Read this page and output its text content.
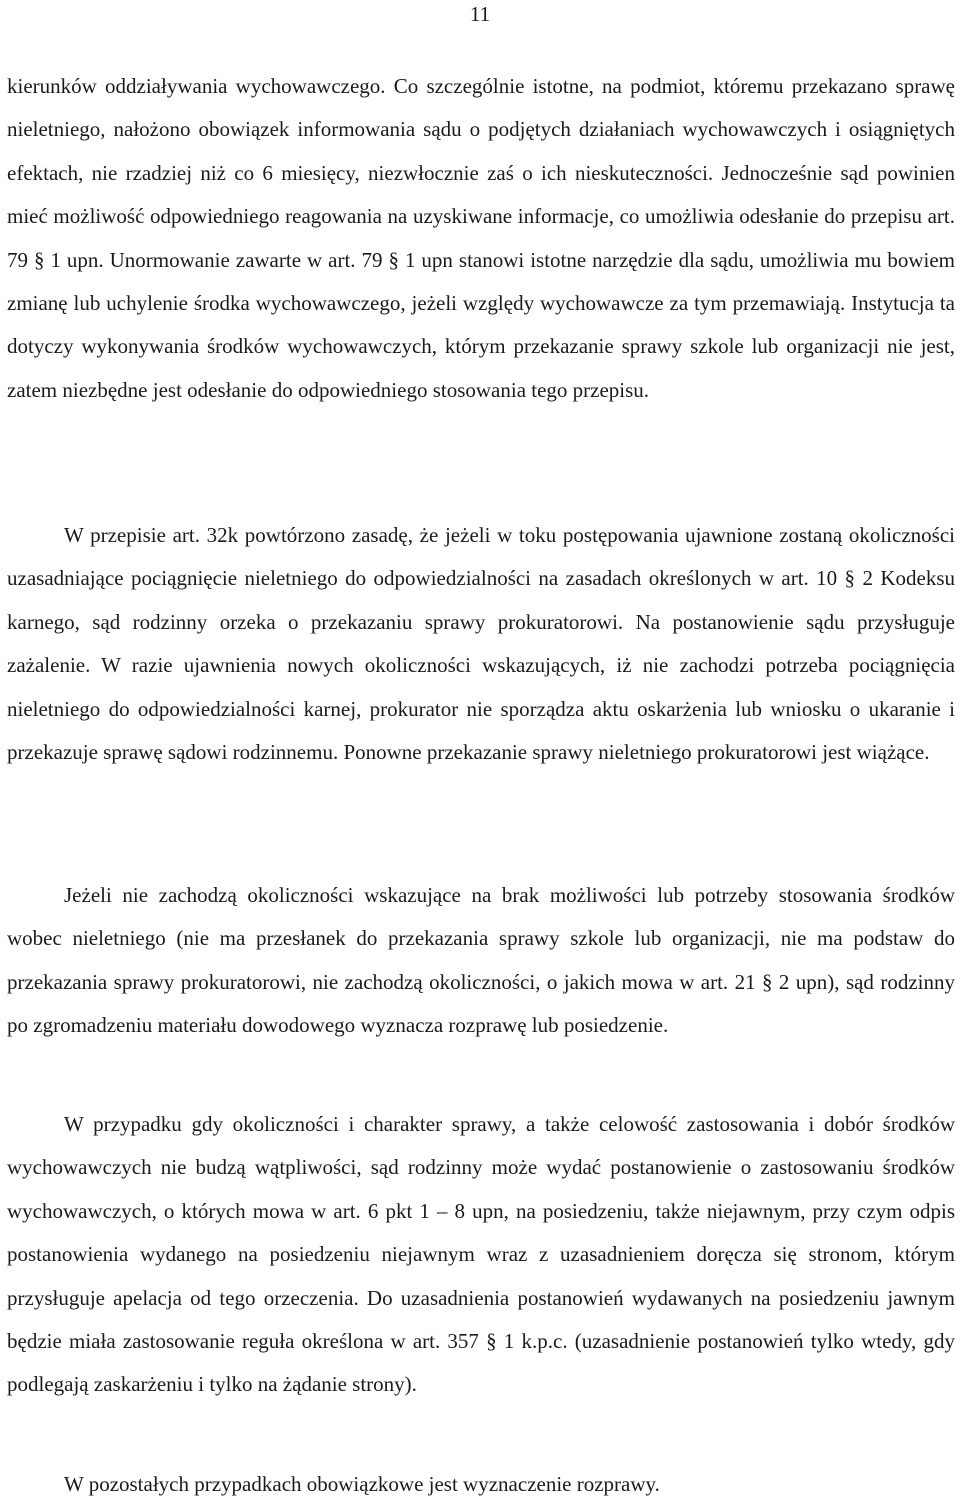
11

kierunków oddziaływania wychowawczego. Co szczególnie istotne, na podmiot, któremu przekazano sprawę nieletniego, nałożono obowiązek informowania sądu o podjętych działaniach wychowawczych i osiągniętych efektach, nie rzadziej niż co 6 miesięcy, niezwłocznie zaś o ich nieskuteczności. Jednocześnie sąd powinien mieć możliwość odpowiedniego reagowania na uzyskiwane informacje, co umożliwia odesłanie do przepisu art. 79 § 1 upn. Unormowanie zawarte w art. 79 § 1 upn stanowi istotne narzędzie dla sądu, umożliwia mu bowiem zmianę lub uchylenie środka wychowawczego, jeżeli względy wychowawcze za tym przemawiają. Instytucja ta dotyczy wykonywania środków wychowawczych, którym przekazanie sprawy szkole lub organizacji nie jest, zatem niezbędne jest odesłanie do odpowiedniego stosowania tego przepisu.

W przepisie art. 32k powtórzono zasadę, że jeżeli w toku postępowania ujawnione zostaną okoliczności uzasadniające pociągnięcie nieletniego do odpowiedzialności na zasadach określonych w art. 10 § 2 Kodeksu karnego, sąd rodzinny orzeka o przekazaniu sprawy prokuratorowi. Na postanowienie sądu przysługuje zażalenie. W razie ujawnienia nowych okoliczności wskazujących, iż nie zachodzi potrzeba pociągnięcia nieletniego do odpowiedzialności karnej, prokurator nie sporządza aktu oskarżenia lub wniosku o ukaranie i przekazuje sprawę sądowi rodzinnemu. Ponowne przekazanie sprawy nieletniego prokuratorowi jest wiążące.

Jeżeli nie zachodzą okoliczności wskazujące na brak możliwości lub potrzeby stosowania środków wobec nieletniego (nie ma przesłanek do przekazania sprawy szkole lub organizacji, nie ma podstaw do przekazania sprawy prokuratorowi, nie zachodzą okoliczności, o jakich mowa w art. 21 § 2 upn), sąd rodzinny po zgromadzeniu materiału dowodowego wyznacza rozprawę lub posiedzenie.

W przypadku gdy okoliczności i charakter sprawy, a także celowość zastosowania i dobór środków wychowawczych nie budzą wątpliwości, sąd rodzinny może wydać postanowienie o zastosowaniu środków wychowawczych, o których mowa w art. 6 pkt 1 – 8 upn, na posiedzeniu, także niejawnym, przy czym odpis postanowienia wydanego na posiedzeniu niejawnym wraz z uzasadnieniem doręcza się stronom, którym przysługuje apelacja od tego orzeczenia. Do uzasadnienia postanowień wydawanych na posiedzeniu jawnym będzie miała zastosowanie reguła określona w art. 357 § 1 k.p.c. (uzasadnienie postanowień tylko wtedy, gdy podlegają zaskarżeniu i tylko na żądanie strony).

W pozostałych przypadkach obowiązkowe jest wyznaczenie rozprawy.
